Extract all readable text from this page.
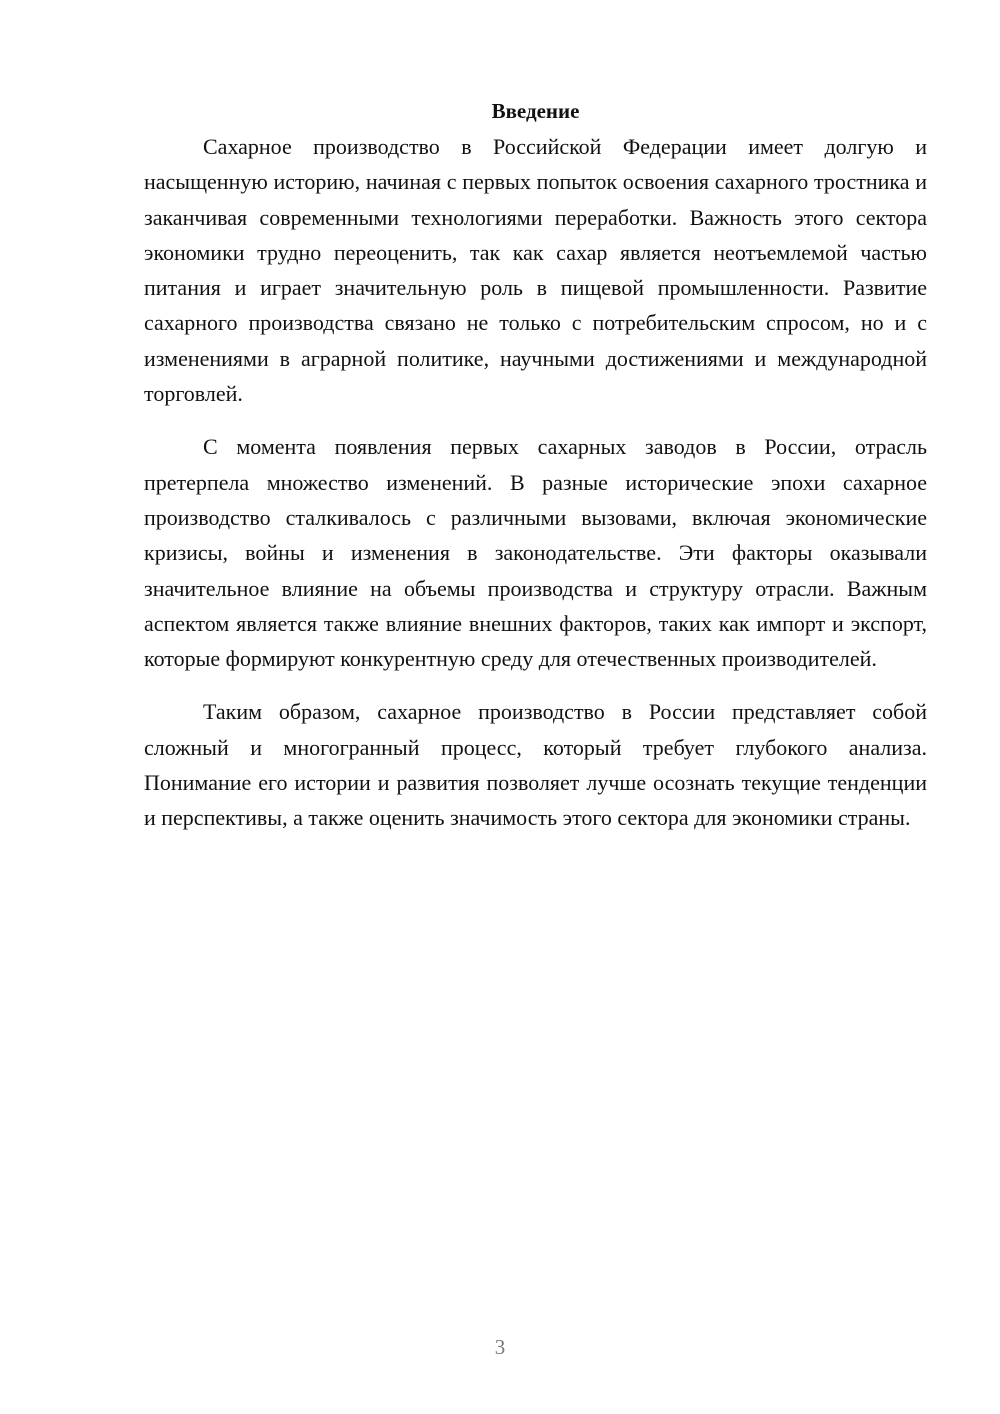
Введение

Сахарное производство в Российской Федерации имеет долгую и насыщенную историю, начиная с первых попыток освоения сахарного тростника и заканчивая современными технологиями переработки. Важность этого сектора экономики трудно переоценить, так как сахар является неотъемлемой частью питания и играет значительную роль в пищевой промышленности. Развитие сахарного производства связано не только с потребительским спросом, но и с изменениями в аграрной политике, научными достижениями и международной торговлей.

С момента появления первых сахарных заводов в России, отрасль претерпела множество изменений. В разные исторические эпохи сахарное производство сталкивалось с различными вызовами, включая экономические кризисы, войны и изменения в законодательстве. Эти факторы оказывали значительное влияние на объемы производства и структуру отрасли. Важным аспектом является также влияние внешних факторов, таких как импорт и экспорт, которые формируют конкурентную среду для отечественных производителей.

Таким образом, сахарное производство в России представляет собой сложный и многогранный процесс, который требует глубокого анализа. Понимание его истории и развития позволяет лучше осознать текущие тенденции и перспективы, а также оценить значимость этого сектора для экономики страны.

3
